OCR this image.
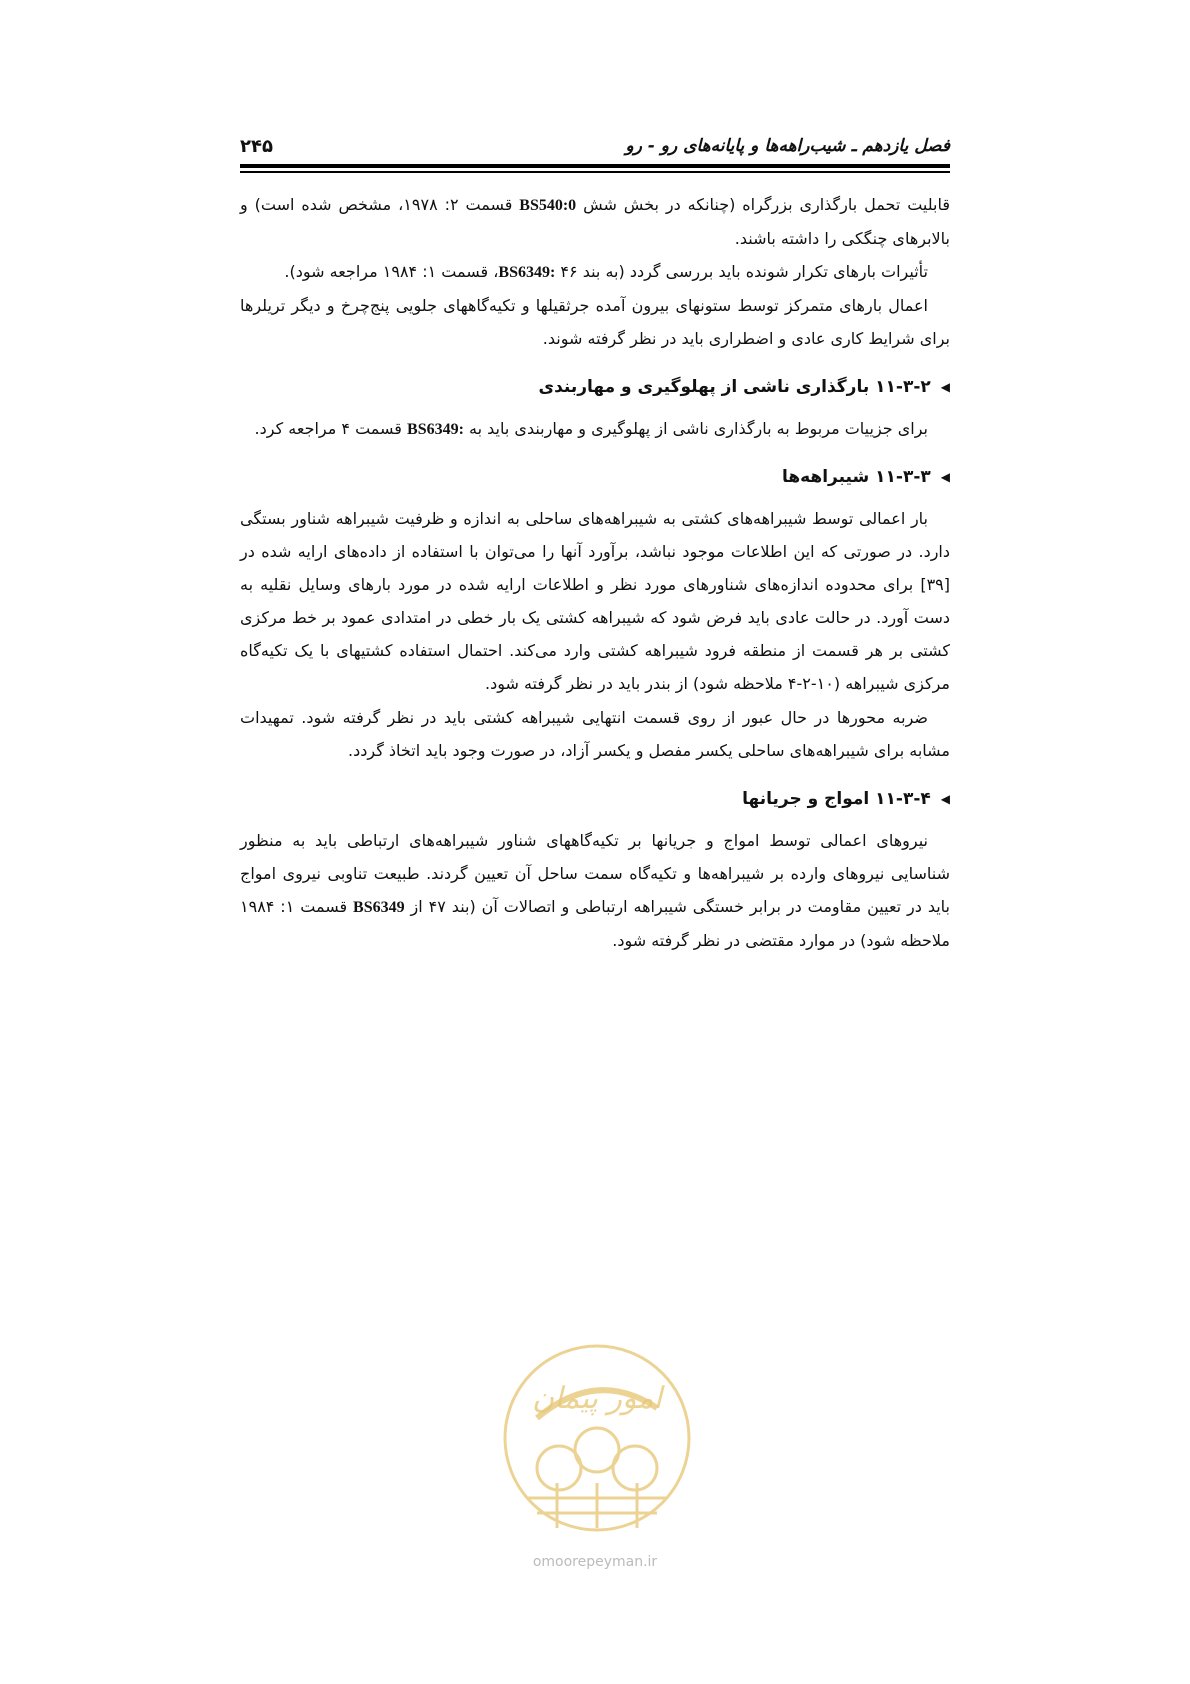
فصل یازدهم ـ شیب‌راهه‌ها و پایانه‌های رو - رو
۲۴۵

قابلیت تحمل بارگذاری بزرگراه (چنانکه در بخش شش BS540:0 قسمت ۲: ۱۹۷۸، مشخص شده است) و بالابرهای چنگکی را داشته باشند.

تأثیرات بارهای تکرار شونده باید بررسی گردد (به بند ۴۶ BS6349:، قسمت ۱: ۱۹۸۴ مراجعه شود).

اعمال بارهای متمرکز توسط ستونهای بیرون آمده جرثقیلها و تکیه‌گاههای جلویی پنج‌چرخ و دیگر تریلرها برای شرایط کاری عادی و اضطراری باید در نظر گرفته شوند.

◀
۱۱-۳-۲ بارگذاری ناشی از پهلوگیری و مهاربندی

برای جزییات مربوط به بارگذاری ناشی از پهلوگیری و مهاربندی باید به BS6349: قسمت ۴ مراجعه کرد.

◀
۱۱-۳-۳ شیبراهه‌ها

بار اعمالی توسط شیبراهه‌های کشتی به شیبراهه‌های ساحلی به اندازه و ظرفیت شیبراهه شناور بستگی دارد. در صورتی که این اطلاعات موجود نباشد، برآورد آنها را می‌توان با استفاده از داده‌های ارایه شده در [۳۹] برای محدوده اندازه‌های شناورهای مورد نظر و اطلاعات ارایه شده در مورد بارهای وسایل نقلیه به دست آورد. در حالت عادی باید فرض شود که شیبراهه کشتی یک بار خطی در امتدادی عمود بر خط مرکزی کشتی بر هر قسمت از منطقه فرود شیبراهه کشتی وارد می‌کند. احتمال استفاده کشتیهای با یک تکیه‌گاه مرکزی شیبراهه (۱۰-۲-۴ ملاحظه شود) از بندر باید در نظر گرفته شود.

ضربه محورها در حال عبور از روی قسمت انتهایی شیبراهه کشتی باید در نظر گرفته شود. تمهیدات مشابه برای شیبراهه‌های ساحلی یکسر مفصل و یکسر آزاد، در صورت وجود باید اتخاذ گردد.

◀
۱۱-۳-۴ امواج و جریانها

نیروهای اعمالی توسط امواج و جریانها بر تکیه‌گاههای شناور شیبراهه‌های ارتباطی باید به منظور شناسایی نیروهای وارده بر شیبراهه‌ها و تکیه‌گاه سمت ساحل آن تعیین گردند. طبیعت تناوبی نیروی امواج باید در تعیین مقاومت در برابر خستگی شیبراهه ارتباطی و اتصالات آن (بند ۴۷ از BS6349 قسمت ۱: ۱۹۸۴ ملاحظه شود) در موارد مقتضی در نظر گرفته شود.

امور پیمان
omoorepeyman.ir
